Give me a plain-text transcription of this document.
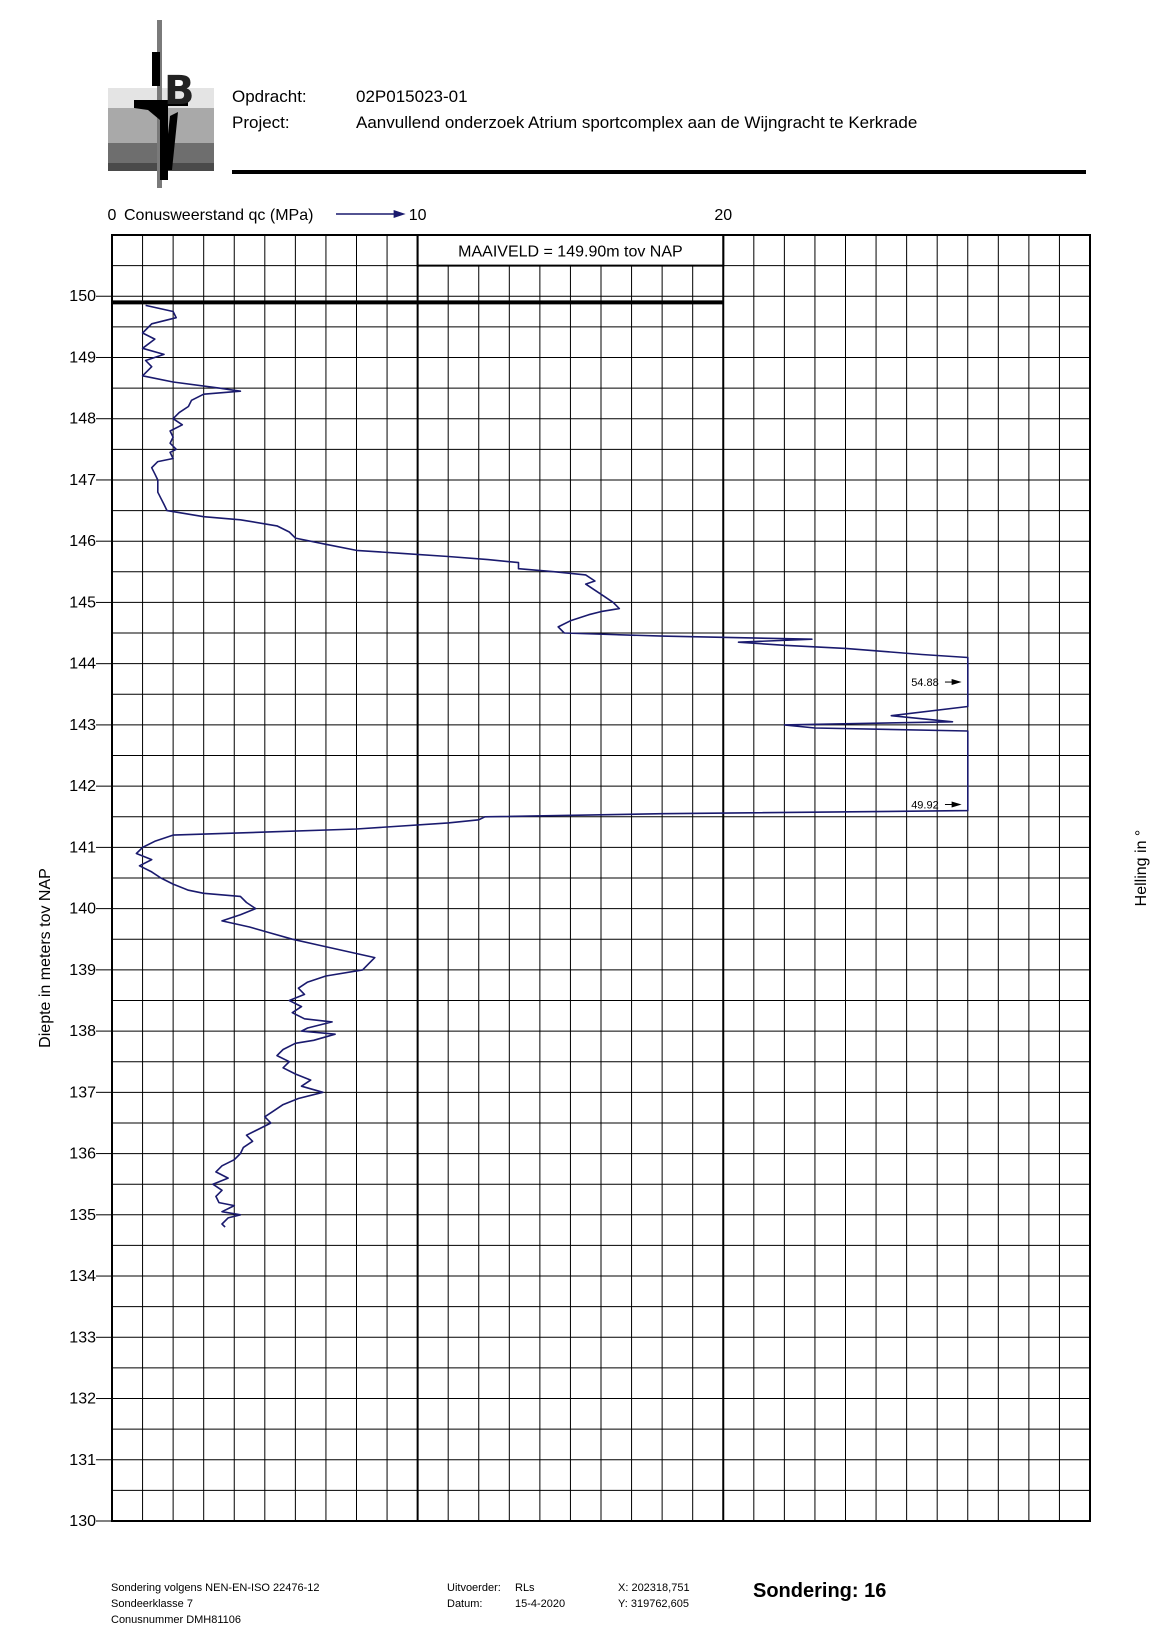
B Opdracht:	02P015023-01
Project:	Aanvullend onderzoek Atrium sportcomplex aan de Wijngracht te Kerkrade
Conusweerstand qc (MPa)
MAAIVELD = 149.90m tov NAP
Diepte in meters tov NAP
Helling in °
150
149
148
147
146
145
144
143
142
141
140
139
138
137
136
135
134
133
132
131
130
0	10	20
54.88
49.92
Sondering volgens NEN-EN-ISO 22476-12
Sondeerklasse 7
Conusnummer DMH81106
Uitvoerder: RLs
Datum:	15-4-2020
X: 202318,751
Y: 319762,605
Sondering: 16
